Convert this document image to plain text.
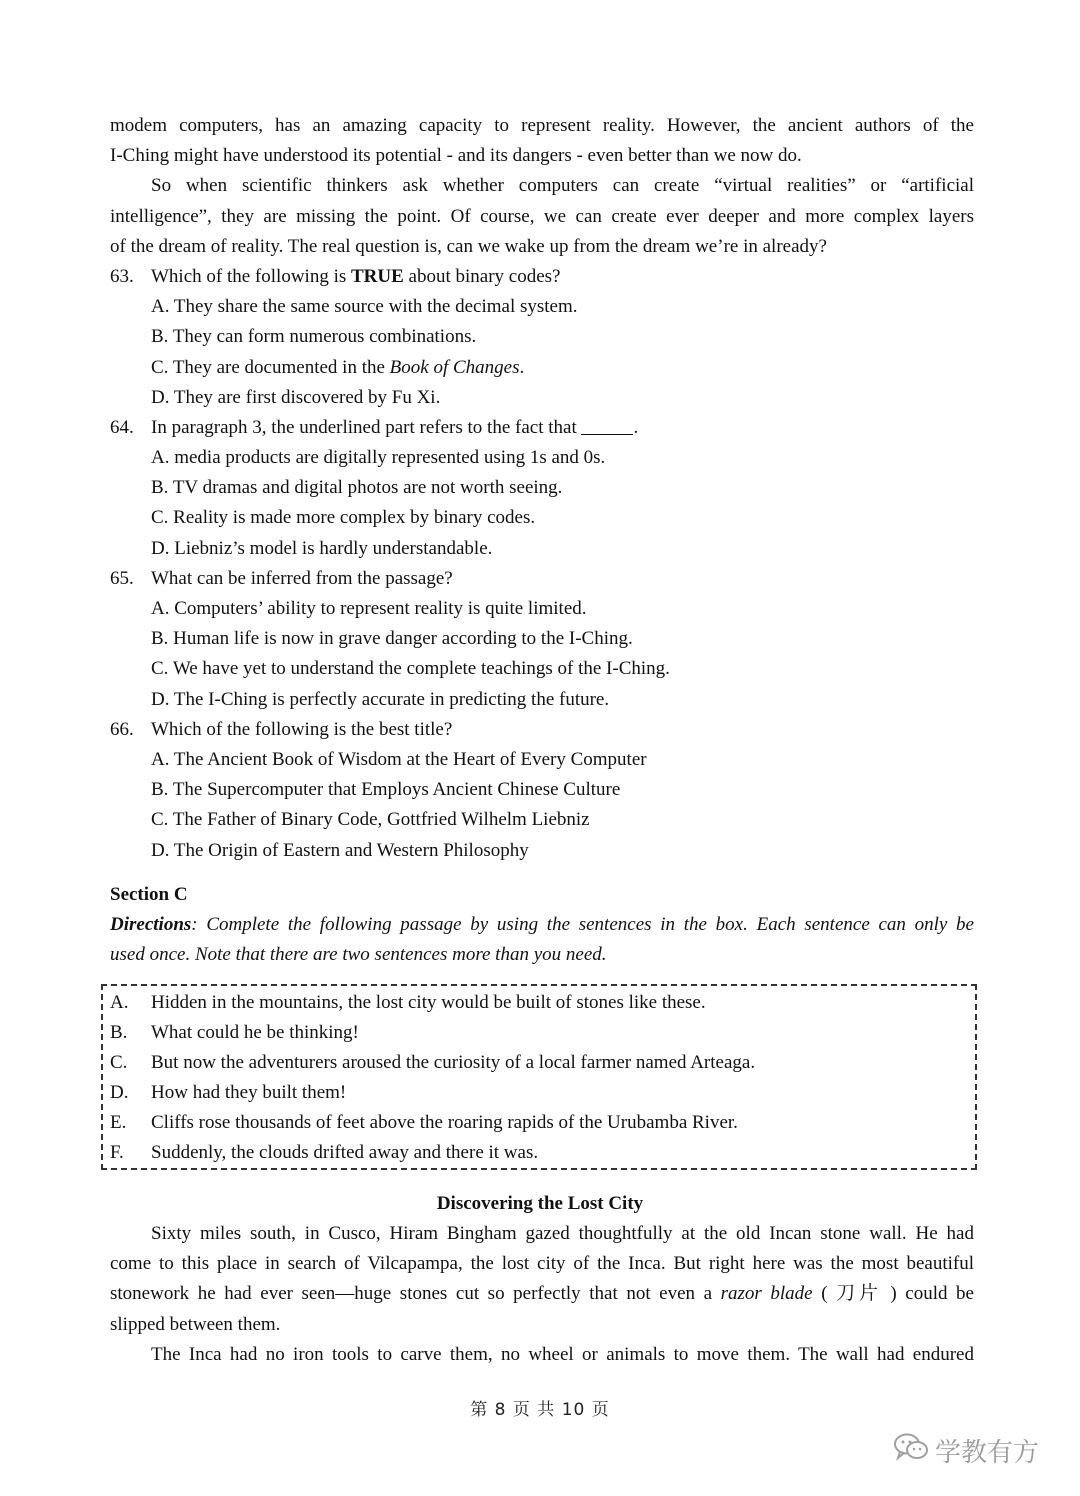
modem computers, has an amazing capacity to represent reality. However, the ancient authors of the
I-Ching might have understood its potential - and its dangers - even better than we now do.
So when scientific thinkers ask whether computers can create “virtual realities” or “artificial
intelligence”, they are missing the point. Of course, we can create ever deeper and more complex layers
of the dream of reality. The real question is, can we wake up from the dream we’re in already?
63. Which of the following is TRUE about binary codes?
A. They share the same source with the decimal system.
B. They can form numerous combinations.
C. They are documented in the Book of Changes.
D. They are first discovered by Fu Xi.
64. In paragraph 3, the underlined part refers to the fact that	.
A. media products are digitally represented using 1s and 0s.
B. TV dramas and digital photos are not worth seeing.
C. Reality is made more complex by binary codes.
D. Liebniz’s model is hardly understandable.
65. What can be inferred from the passage?
A. Computers’ ability to represent reality is quite limited.
B. Human life is now in grave danger according to the I-Ching.
C. We have yet to understand the complete teachings of the I-Ching.
D. The I-Ching is perfectly accurate in predicting the future.
66. Which of the following is the best title?
A. The Ancient Book of Wisdom at the Heart of Every Computer
B. The Supercomputer that Employs Ancient Chinese Culture
C. The Father of Binary Code, Gottfried Wilhelm Liebniz
D. The Origin of Eastern and Western Philosophy
Section C
Directions: Complete the following passage by using the sentences in the box. Each sentence can only be
used once. Note that there are two sentences more than you need.
A.	Hidden in the mountains, the lost city would be built of stones like these.
B.	What could he be thinking!
C.	But now the adventurers aroused the curiosity of a local farmer named Arteaga.
D.	How had they built them!
E.	Cliffs rose thousands of feet above the roaring rapids of the Urubamba River.
F.	Suddenly, the clouds drifted away and there it was.
Discovering the Lost City
Sixty miles south, in Cusco, Hiram Bingham gazed thoughtfully at the old Incan stone wall. He had
come to this place in search of Vilcapampa, the lost city of the Inca. But right here was the most beautiful
stonework he had ever seen—huge stones cut so perfectly that not even a razor blade ( 刀片 ) could be
slipped between them.
The Inca had no iron tools to carve them, no wheel or animals to move them. The wall had endured
第 8 页 共 10 页
学教有方
